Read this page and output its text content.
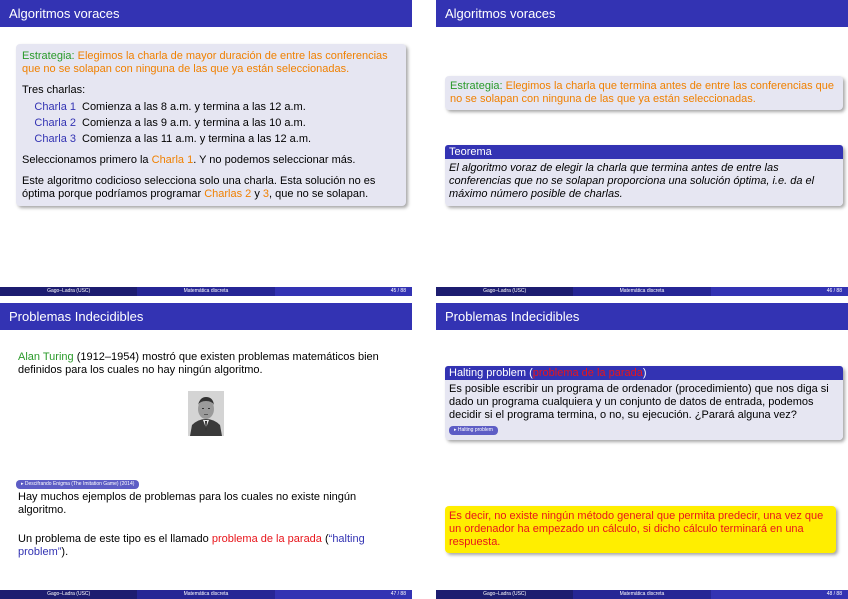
Algoritmos voraces
Estrategia: Elegimos la charla de mayor duración de entre las conferencias que no se solapan con ninguna de las que ya están seleccionadas.
Tres charlas:
Charla 1 Comienza a las 8 a.m. y termina a las 12 a.m.
Charla 2 Comienza a las 9 a.m. y termina a las 10 a.m.
Charla 3 Comienza a las 11 a.m. y termina a las 12 a.m.
Seleccionamos primero la Charla 1. Y no podemos seleccionar más.
Este algoritmo codicioso selecciona solo una charla. Esta solución no es óptima porque podríamos programar Charlas 2 y 3, que no se solapan.
Gago–Ladra (USC)	Matemática discreta	45 / 88
Algoritmos voraces
Estrategia: Elegimos la charla que termina antes de entre las conferencias que no se solapan con ninguna de las que ya están seleccionadas.
Teorema
El algoritmo voraz de elegir la charla que termina antes de entre las conferencias que no se solapan proporciona una solución óptima, i.e. da el máximo número posible de charlas.
Gago–Ladra (USC)	Matemática discreta	46 / 88
Problemas Indecidibles
Alan Turing (1912–1954) mostró que existen problemas matemáticos bien definidos para los cuales no hay ningún algoritmo.
▸ Descifrando Enigma (The Imitation Game) (2014)
Hay muchos ejemplos de problemas para los cuales no existe ningún algoritmo.
Un problema de este tipo es el llamado problema de la parada (“halting problem”).
Gago–Ladra (USC)	Matemática discreta	47 / 88
Problemas Indecidibles
Halting problem (problema de la parada)
Es posible escribir un programa de ordenador (procedimiento) que nos diga si dado un programa cualquiera y un conjunto de datos de entrada, podemos decidir si el programa termina, o no, su ejecución. ¿Parará alguna vez?
▸ Halting problem
Es decir, no existe ningún método general que permita predecir, una vez que un ordenador ha empezado un cálculo, si dicho cálculo terminará en una respuesta.
Gago–Ladra (USC)	Matemática discreta	48 / 88
